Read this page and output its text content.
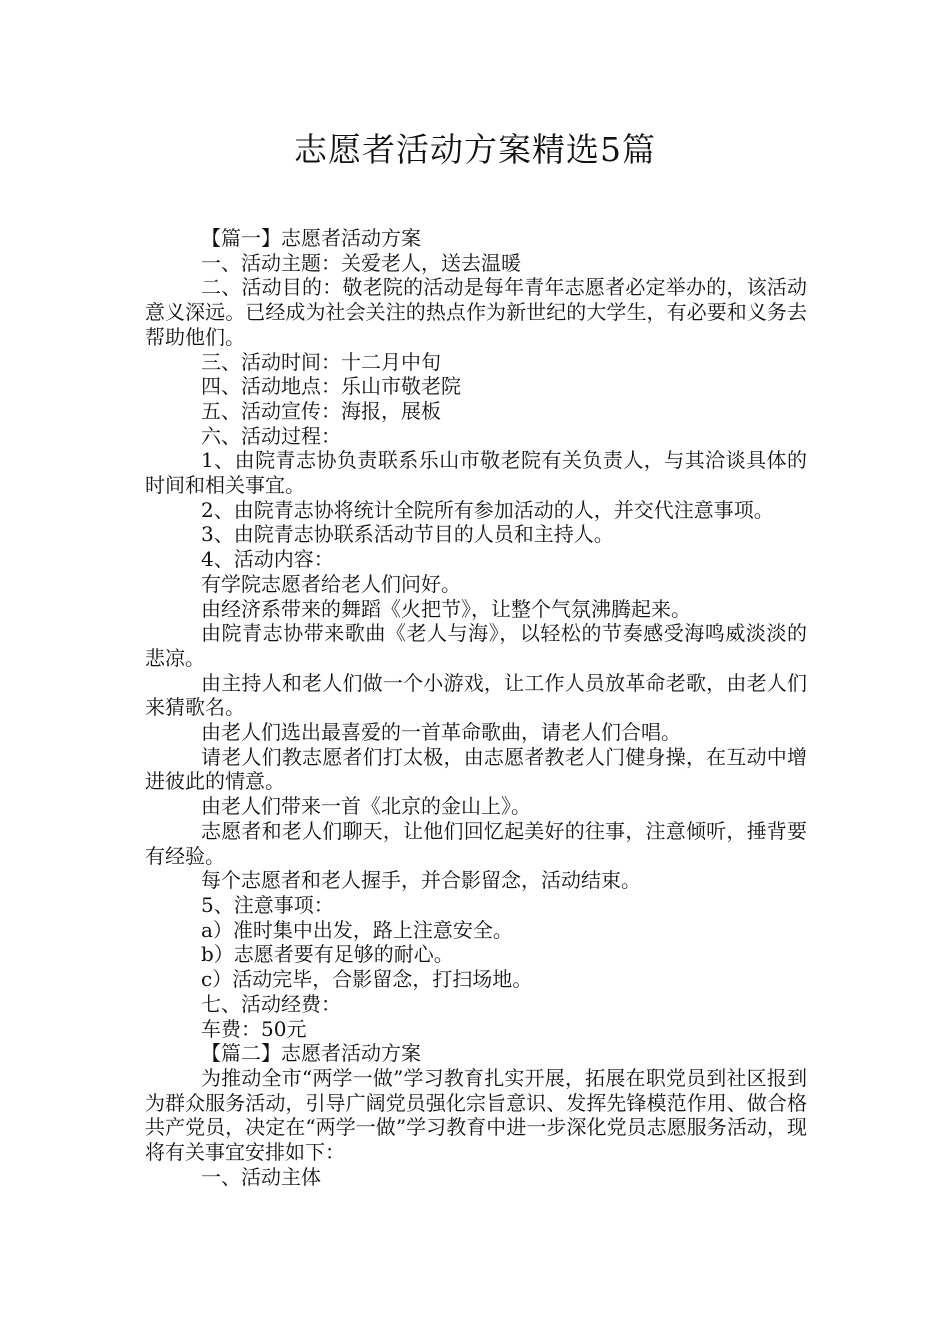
志愿者活动方案精选5篇

【篇一】志愿者活动方案

一、活动主题：关爱老人，送去温暖

二、活动目的：敬老院的活动是每年青年志愿者必定举办的，该活动意义深远。已经成为社会关注的热点作为新世纪的大学生，有必要和义务去帮助他们。

三、活动时间：十二月中旬

四、活动地点：乐山市敬老院

五、活动宣传：海报，展板

六、活动过程：

1、由院青志协负责联系乐山市敬老院有关负责人，与其洽谈具体的时间和相关事宜。

2、由院青志协将统计全院所有参加活动的人，并交代注意事项。

3、由院青志协联系活动节目的人员和主持人。

4、活动内容：

有学院志愿者给老人们问好。

由经济系带来的舞蹈《火把节》，让整个气氛沸腾起来。

由院青志协带来歌曲《老人与海》，以轻松的节奏感受海鸣威淡淡的悲凉。

由主持人和老人们做一个小游戏，让工作人员放革命老歌，由老人们来猜歌名。

由老人们选出最喜爱的一首革命歌曲，请老人们合唱。

请老人们教志愿者们打太极，由志愿者教老人门健身操，在互动中增进彼此的情意。

由老人们带来一首《北京的金山上》。

志愿者和老人们聊天，让他们回忆起美好的往事，注意倾听，捶背要有经验。

每个志愿者和老人握手，并合影留念，活动结束。

5、注意事项：

a）准时集中出发，路上注意安全。

b）志愿者要有足够的耐心。

c）活动完毕，合影留念，打扫场地。

七、活动经费：

车费：50元

【篇二】志愿者活动方案

为推动全市“两学一做”学习教育扎实开展，拓展在职党员到社区报到为群众服务活动，引导广阔党员强化宗旨意识、发挥先锋模范作用、做合格共产党员，决定在“两学一做”学习教育中进一步深化党员志愿服务活动，现将有关事宜安排如下：

一、活动主体
